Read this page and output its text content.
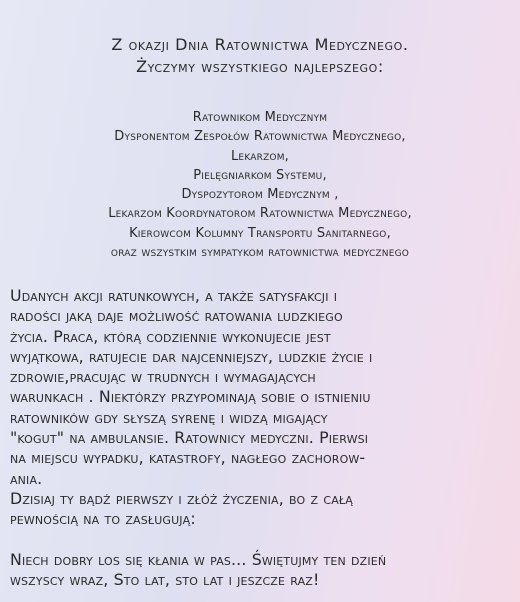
Z okazji Dnia Ratownictwa Medycznego.
Życzymy wszystkiego najlepszego:
Ratownikom Medycznym
Dysponentom Zespołów Ratownictwa Medycznego,
Lekarzom,
Pielęgniarkom Systemu,
Dyspozytorom Medycznym ,
Lekarzom Koordynatorom Ratownictwa Medycznego,
Kierowcom Kolumny Transportu Sanitarnego,
oraz wszystkim sympatykom ratownictwa medycznego
Udanych akcji ratunkowych, a także satysfakcji i
radości jaką daje możliwość ratowania ludzkiego
życia. Praca, którą codziennie wykonujecie jest
wyjątkowa, ratujecie dar najcenniejszy, ludzkie życie i
zdrowie,pracując w trudnych i wymagających
warunkach . Niektórzy przypominają sobie o istnieniu
ratowników gdy słyszą syrenę i widzą migający
"kogut" na ambulansie. Ratownicy medyczni. Pierwsi
na miejscu wypadku, katastrofy, nagłego zachorow-
ania.
Dzisiaj ty bądź pierwszy i złóż życzenia, bo z całą
pewnością na to zasługują:
Niech dobry los się kłania w pas... Świętujmy ten dzień
wszyscy wraz, Sto lat, sto lat i jeszcze raz!
